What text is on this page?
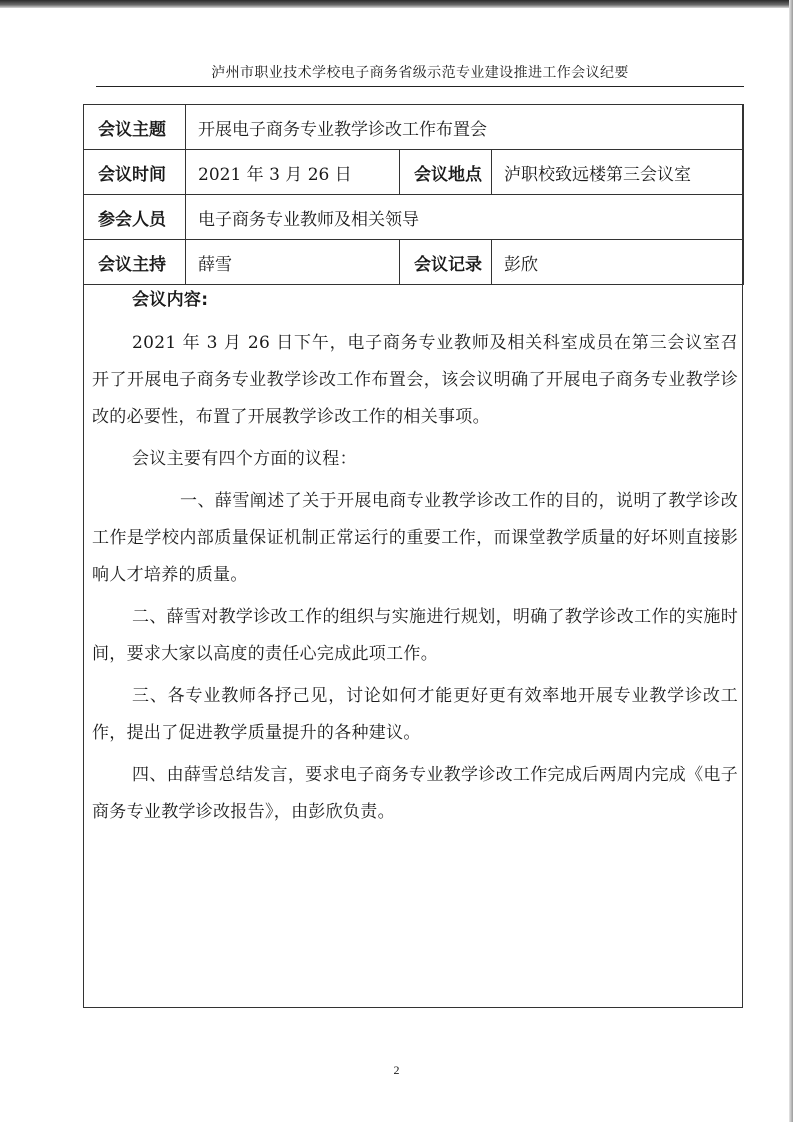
泸州市职业技术学校电子商务省级示范专业建设推进工作会议纪要
会议主题	开展电子商务专业教学诊改工作布置会		
会议时间	2021 年 3 月 26 日	会议地点	泸职校致远楼第三会议室
参会人员	电子商务专业教师及相关领导		
会议主持	薛雪	会议记录	彭欣

会议内容:

2021 年 3 月 26 日下午，电子商务专业教师及相关科室成员在第三会议室召开了开展电子商务专业教学诊改工作布置会，该会议明确了开展电子商务专业教学诊改的必要性，布置了开展教学诊改工作的相关事项。

会议主要有四个方面的议程：

一、薛雪阐述了关于开展电商专业教学诊改工作的目的，说明了教学诊改工作是学校内部质量保证机制正常运行的重要工作，而课堂教学质量的好坏则直接影响人才培养的质量。

二、薛雪对教学诊改工作的组织与实施进行规划，明确了教学诊改工作的实施时间，要求大家以高度的责任心完成此项工作。

三、各专业教师各抒己见，讨论如何才能更好更有效率地开展专业教学诊改工作，提出了促进教学质量提升的各种建议。

四、由薛雪总结发言，要求电子商务专业教学诊改工作完成后两周内完成《电子商务专业教学诊改报告》，由彭欣负责。

2
